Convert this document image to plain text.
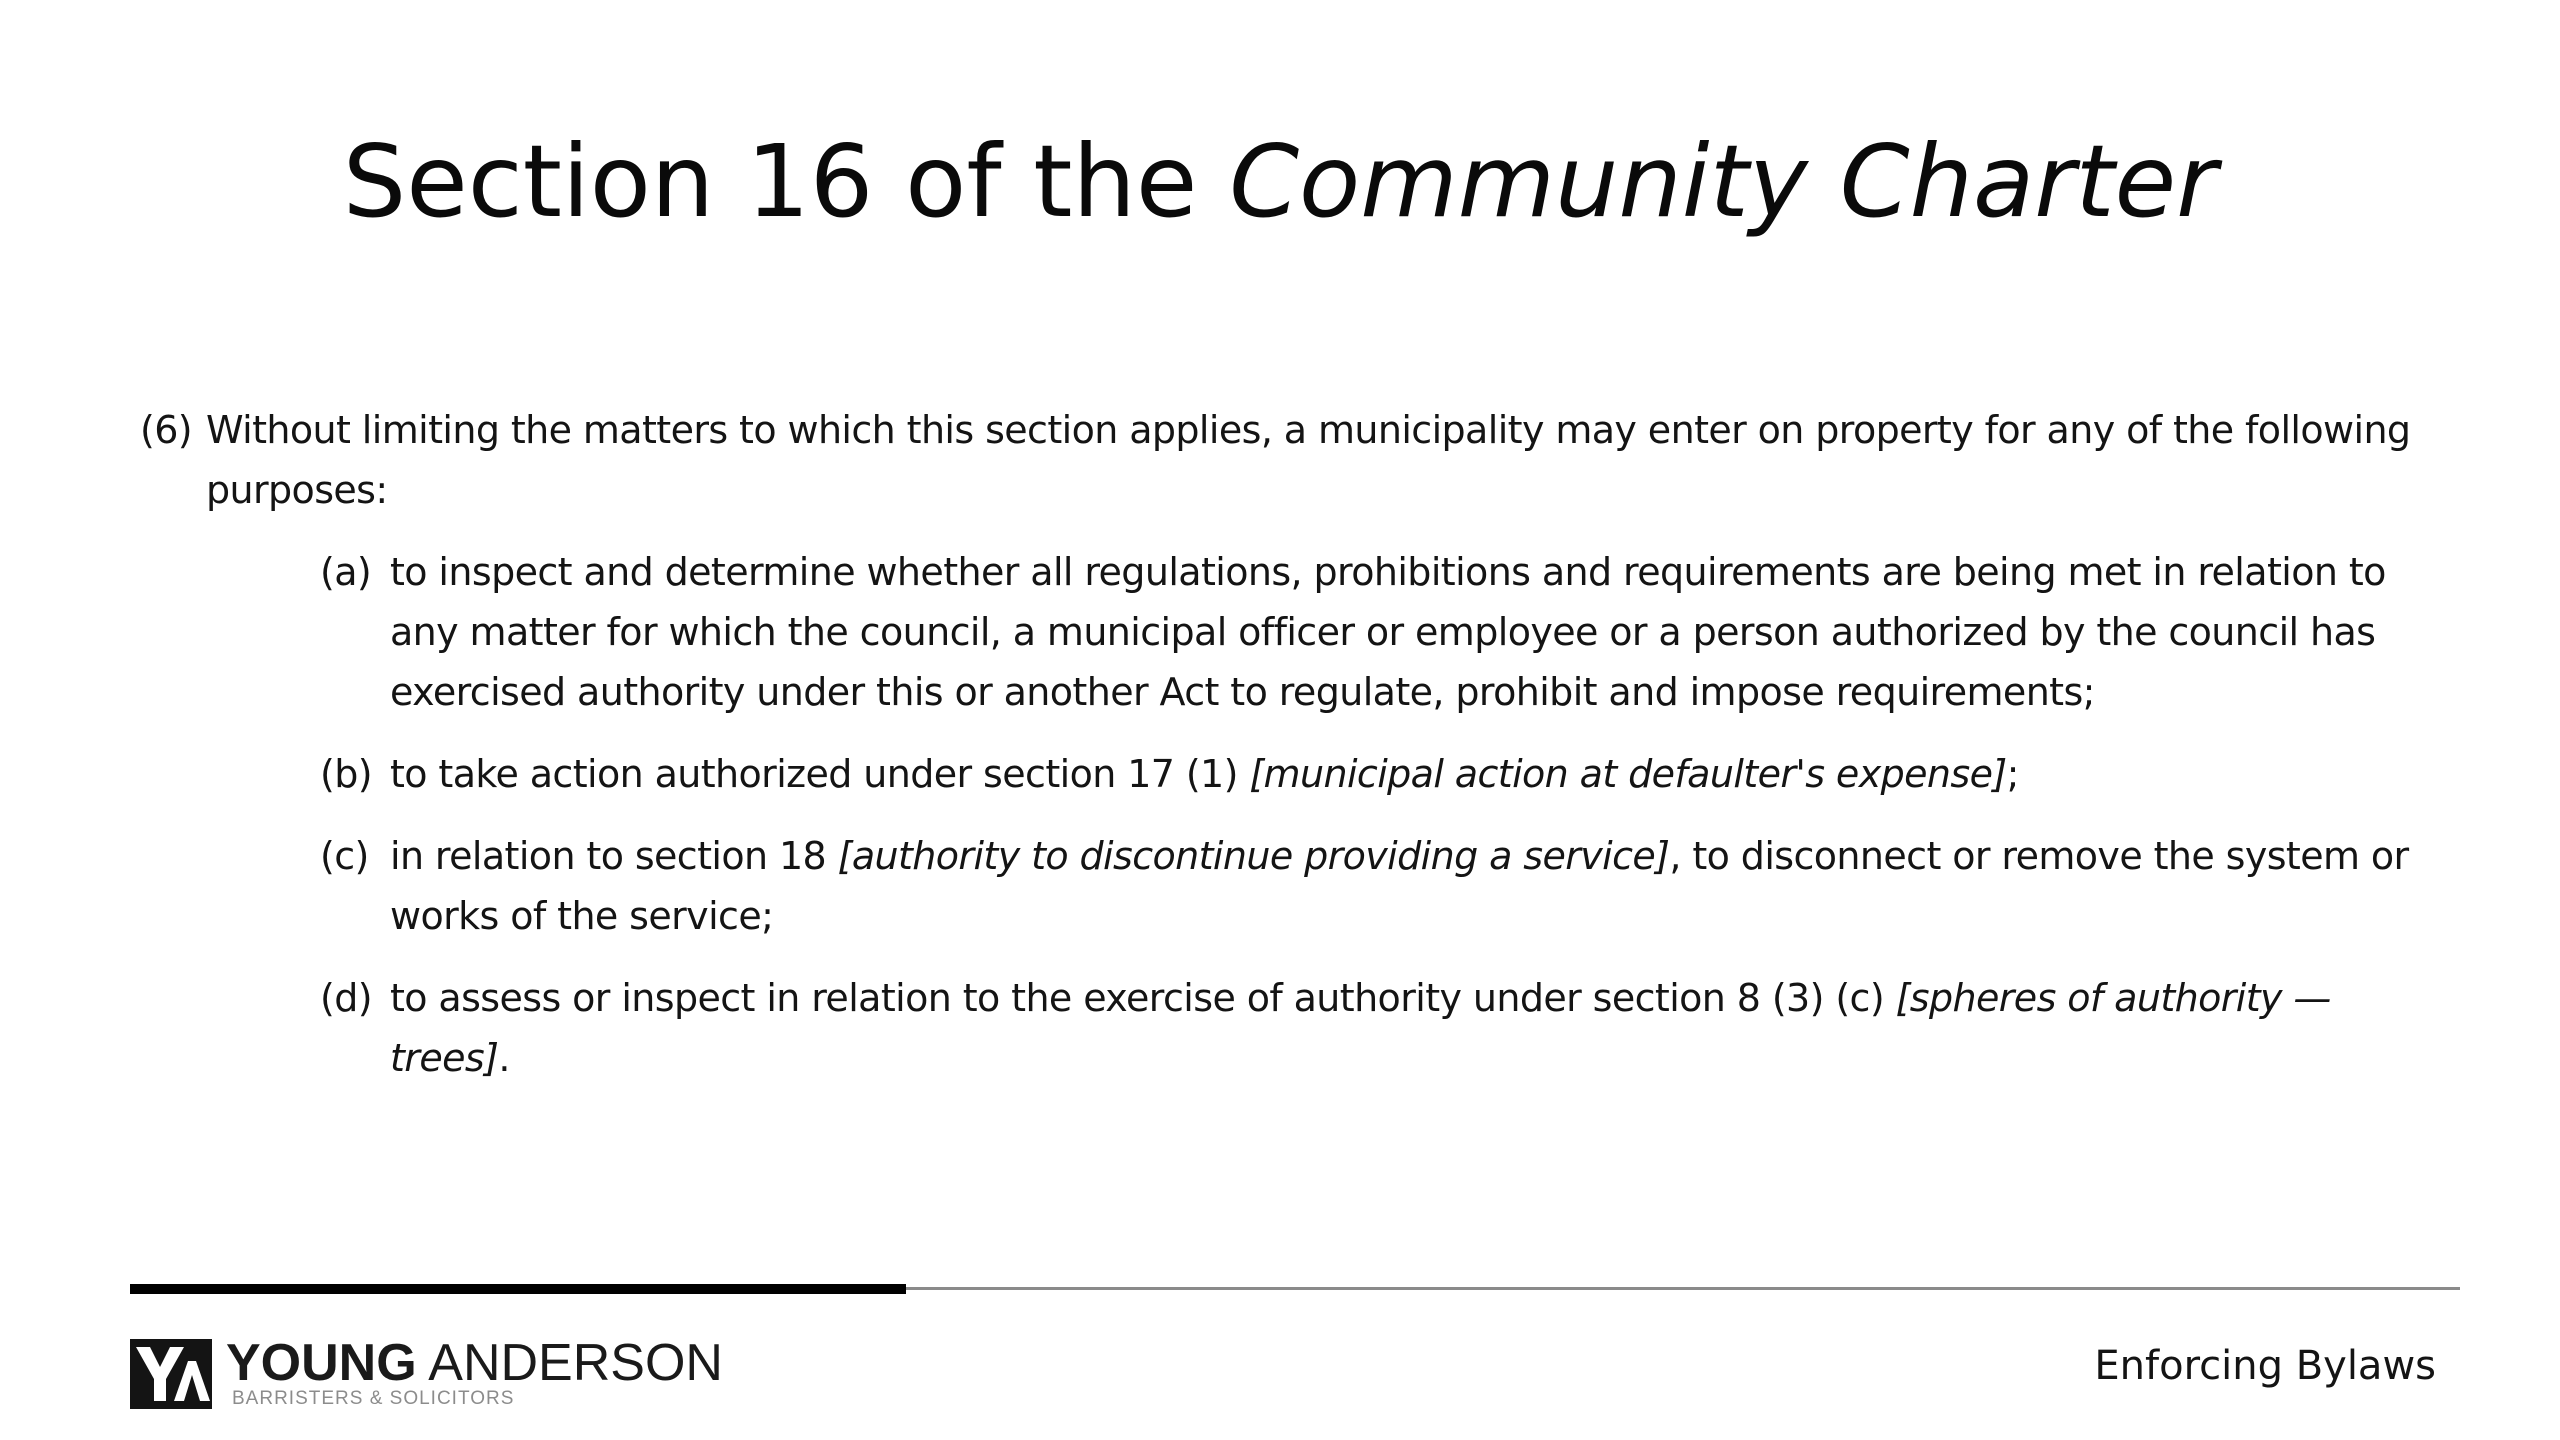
Section 16 of the Community Charter
(6) Without limiting the matters to which this section applies, a municipality may enter on property for any of the following purposes:
(a) to inspect and determine whether all regulations, prohibitions and requirements are being met in relation to any matter for which the council, a municipal officer or employee or a person authorized by the council has exercised authority under this or another Act to regulate, prohibit and impose requirements;
(b) to take action authorized under section 17 (1) [municipal action at defaulter's expense];
(c) in relation to section 18 [authority to discontinue providing a service], to disconnect or remove the system or works of the service;
(d) to assess or inspect in relation to the exercise of authority under section 8 (3) (c) [spheres of authority — trees].
YOUNG ANDERSON
BARRISTERS & SOLICITORS
Enforcing Bylaws
